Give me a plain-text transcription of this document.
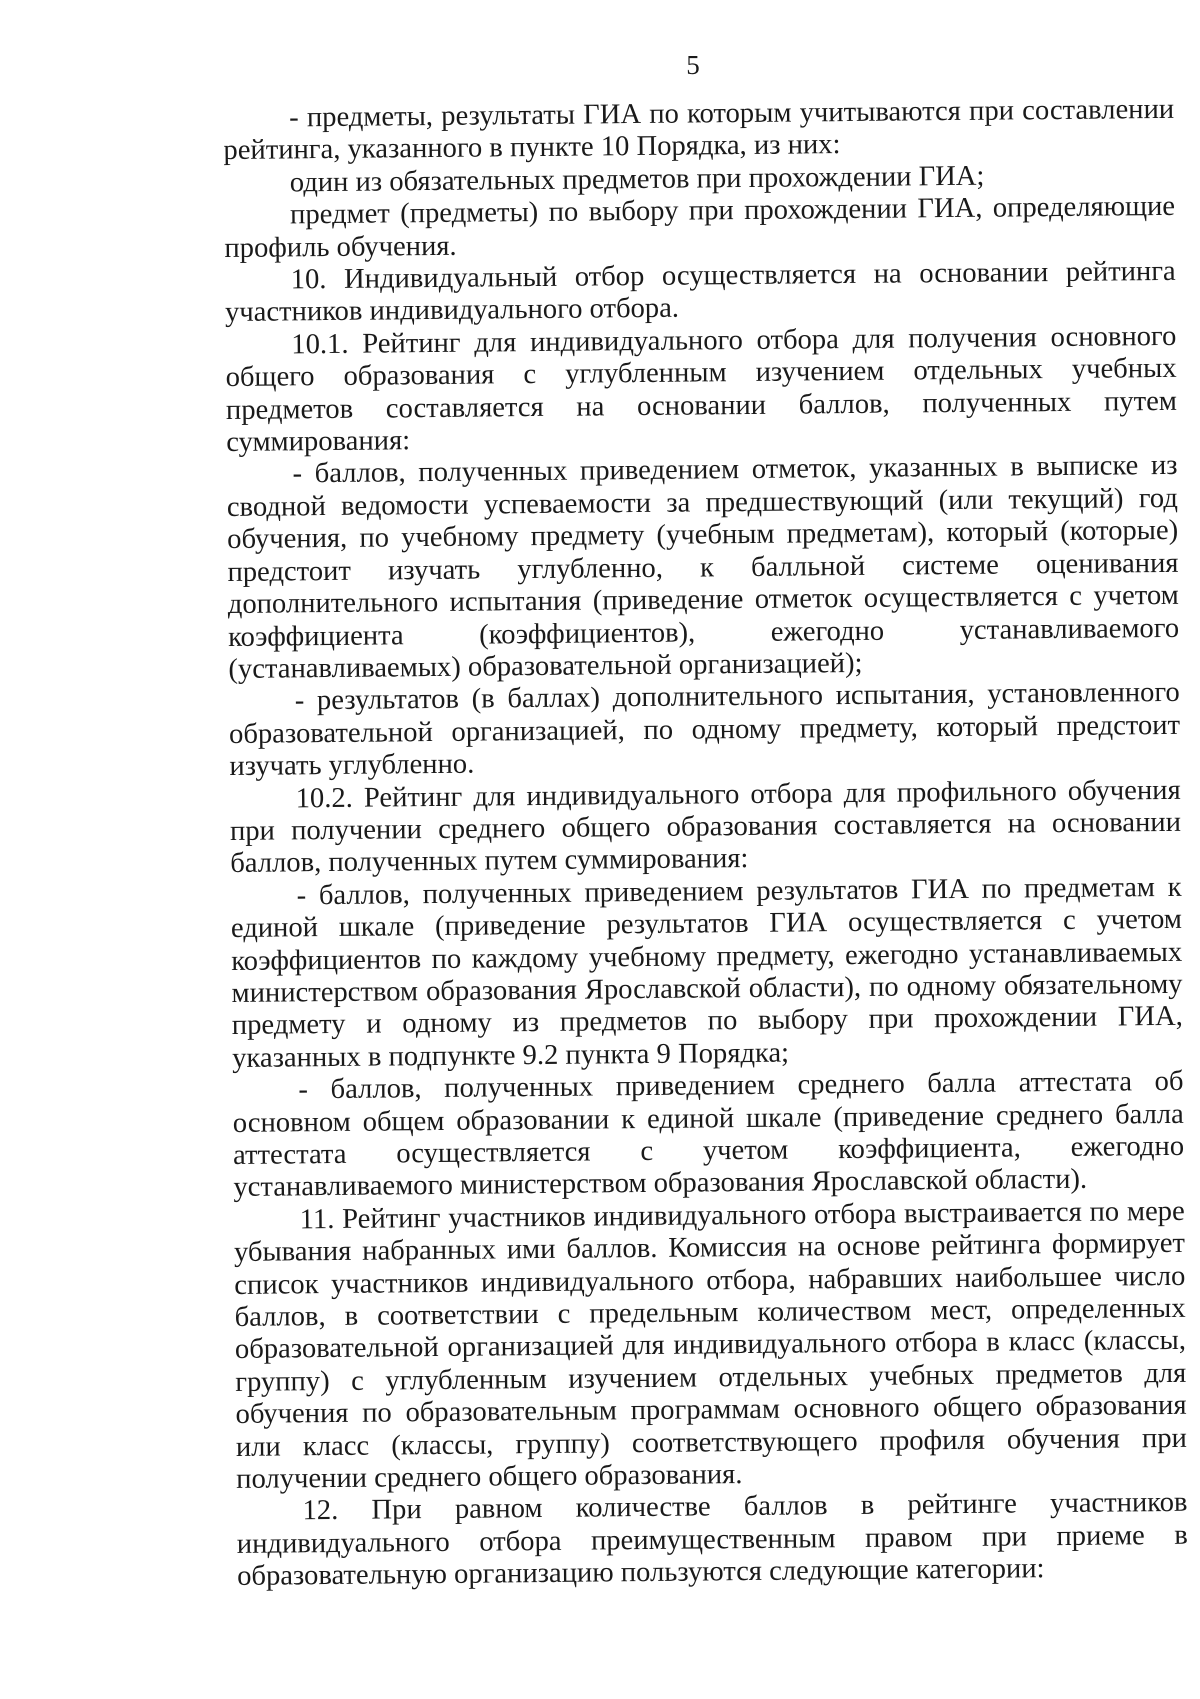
5

- предметы, результаты ГИА по которым учитываются при составлении рейтинга, указанного в пункте 10 Порядка, из них:

один из обязательных предметов при прохождении ГИА;

предмет (предметы) по выбору при прохождении ГИА, определяющие профиль обучения.

10. Индивидуальный отбор осуществляется на основании рейтинга участников индивидуального отбора.

10.1. Рейтинг для индивидуального отбора для получения основного общего образования с углубленным изучением отдельных учебных предметов составляется на основании баллов, полученных путем суммирования:

- баллов, полученных приведением отметок, указанных в выписке из сводной ведомости успеваемости за предшествующий (или текущий) год обучения, по учебному предмету (учебным предметам), который (которые) предстоит изучать углубленно, к балльной системе оценивания дополнительного испытания (приведение отметок осуществляется с учетом коэффициента (коэффициентов), ежегодно устанавливаемого (устанавливаемых) образовательной организацией);

- результатов (в баллах) дополнительного испытания, установленного образовательной организацией, по одному предмету, который предстоит изучать углубленно.

10.2. Рейтинг для индивидуального отбора для профильного обучения при получении среднего общего образования составляется на основании баллов, полученных путем суммирования:

- баллов, полученных приведением результатов ГИА по предметам к единой шкале (приведение результатов ГИА осуществляется с учетом коэффициентов по каждому учебному предмету, ежегодно устанавливаемых министерством образования Ярославской области), по одному обязательному предмету и одному из предметов по выбору при прохождении ГИА, указанных в подпункте 9.2 пункта 9 Порядка;

- баллов, полученных приведением среднего балла аттестата об основном общем образовании к единой шкале (приведение среднего балла аттестата осуществляется с учетом коэффициента, ежегодно устанавливаемого министерством образования Ярославской области).

11. Рейтинг участников индивидуального отбора выстраивается по мере убывания набранных ими баллов. Комиссия на основе рейтинга формирует список участников индивидуального отбора, набравших наибольшее число баллов, в соответствии с предельным количеством мест, определенных образовательной организацией для индивидуального отбора в класс (классы, группу) с углубленным изучением отдельных учебных предметов для обучения по образовательным программам основного общего образования или класс (классы, группу) соответствующего профиля обучения при получении среднего общего образования.

12. При равном количестве баллов в рейтинге участников индивидуального отбора преимущественным правом при приеме в образовательную организацию пользуются следующие категории:
